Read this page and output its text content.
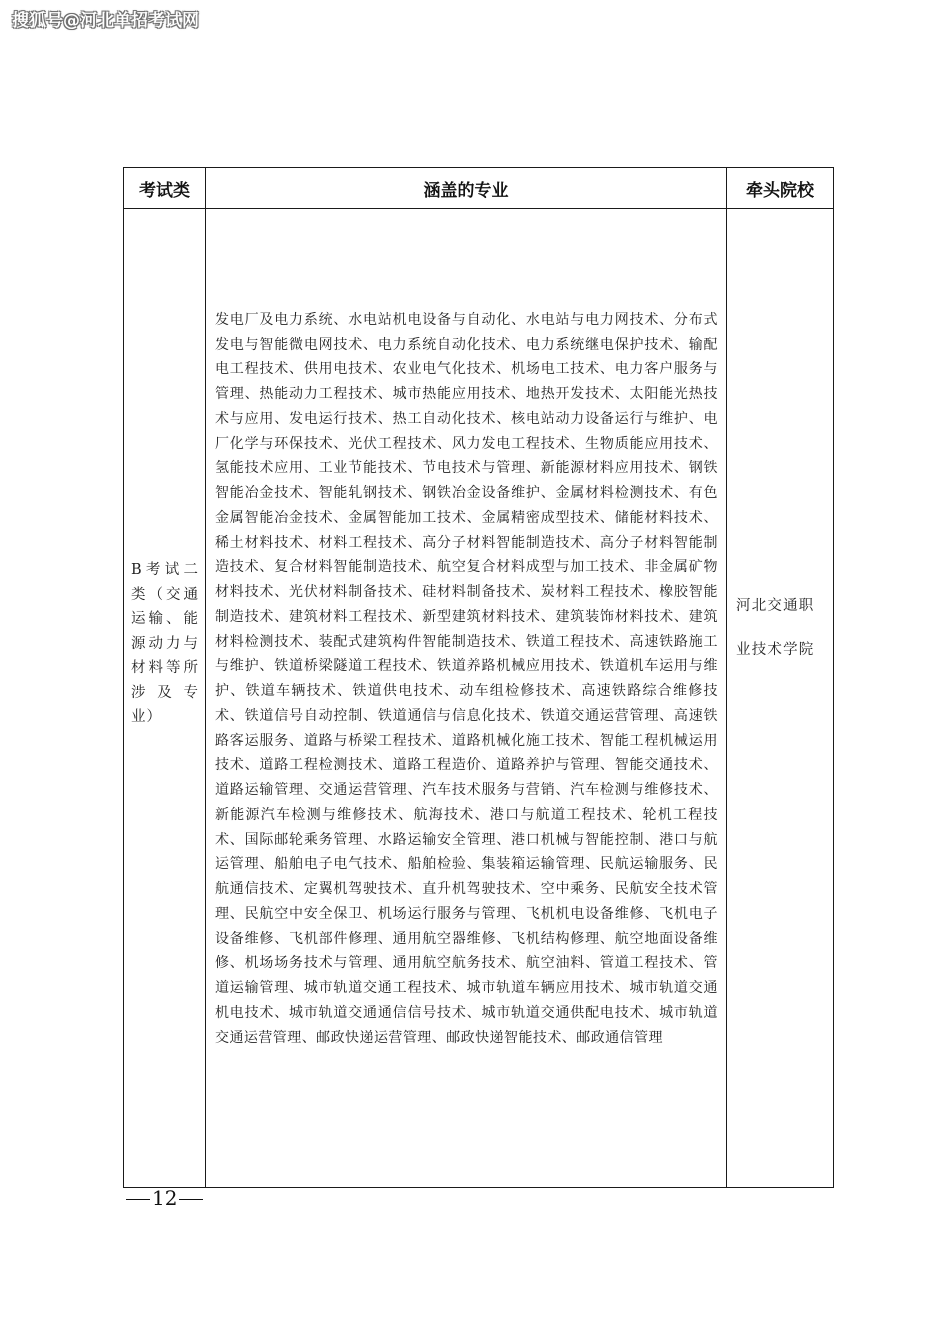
搜狐号@河北单招考试网
考试类	涵盖的专业	牵头院校
B考试二类（交通运输、能源动力与材料等所涉及专业）	发电厂及电力系统、水电站机电设备与自动化、水电站与电力网技术、分布式发电与智能微电网技术、电力系统自动化技术、电力系统继电保护技术、输配电工程技术、供用电技术、农业电气化技术、机场电工技术、电力客户服务与管理、热能动力工程技术、城市热能应用技术、地热开发技术、太阳能光热技术与应用、发电运行技术、热工自动化技术、核电站动力设备运行与维护、电厂化学与环保技术、光伏工程技术、风力发电工程技术、生物质能应用技术、氢能技术应用、工业节能技术、节电技术与管理、新能源材料应用技术、钢铁智能冶金技术、智能轧钢技术、钢铁冶金设备维护、金属材料检测技术、有色金属智能冶金技术、金属智能加工技术、金属精密成型技术、储能材料技术、稀土材料技术、材料工程技术、高分子材料智能制造技术、高分子材料智能制造技术、复合材料智能制造技术、航空复合材料成型与加工技术、非金属矿物材料技术、光伏材料制备技术、硅材料制备技术、炭材料工程技术、橡胶智能制造技术、建筑材料工程技术、新型建筑材料技术、建筑装饰材料技术、建筑材料检测技术、装配式建筑构件智能制造技术、铁道工程技术、高速铁路施工与维护、铁道桥梁隧道工程技术、铁道养路机械应用技术、铁道机车运用与维护、铁道车辆技术、铁道供电技术、动车组检修技术、高速铁路综合维修技术、铁道信号自动控制、铁道通信与信息化技术、铁道交通运营管理、高速铁路客运服务、道路与桥梁工程技术、道路机械化施工技术、智能工程机械运用技术、道路工程检测技术、道路工程造价、道路养护与管理、智能交通技术、道路运输管理、交通运营管理、汽车技术服务与营销、汽车检测与维修技术、新能源汽车检测与维修技术、航海技术、港口与航道工程技术、轮机工程技术、国际邮轮乘务管理、水路运输安全管理、港口机械与智能控制、港口与航运管理、船舶电子电气技术、船舶检验、集装箱运输管理、民航运输服务、民航通信技术、定翼机驾驶技术、直升机驾驶技术、空中乘务、民航安全技术管理、民航空中安全保卫、机场运行服务与管理、飞机机电设备维修、飞机电子设备维修、飞机部件修理、通用航空器维修、飞机结构修理、航空地面设备维修、机场场务技术与管理、通用航空航务技术、航空油料、管道工程技术、管道运输管理、城市轨道交通工程技术、城市轨道车辆应用技术、城市轨道交通机电技术、城市轨道交通通信信号技术、城市轨道交通供配电技术、城市轨道交通运营管理、邮政快递运营管理、邮政快递智能技术、邮政通信管理	河北交通职业技术学院
12
